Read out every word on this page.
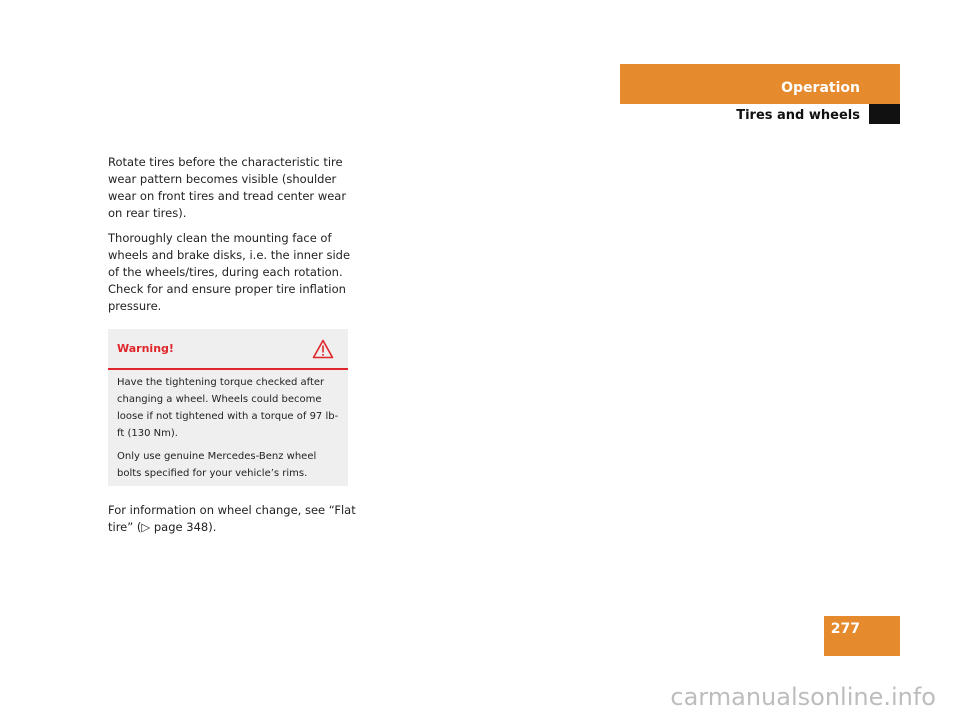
Operation
Tires and wheels

Rotate tires before the characteristic tire wear pattern becomes visible (shoulder wear on front tires and tread center wear on rear tires).

Thoroughly clean the mounting face of wheels and brake disks, i.e. the inner side of the wheels/tires, during each rotation. Check for and ensure proper tire inflation pressure.

Warning!

Have the tightening torque checked after changing a wheel. Wheels could become loose if not tightened with a torque of 97 lb-ft (130 Nm).

Only use genuine Mercedes-Benz wheel bolts specified for your vehicle’s rims.

For information on wheel change, see “Flat tire” (▷ page 348).

277

carmanualsonline.info
